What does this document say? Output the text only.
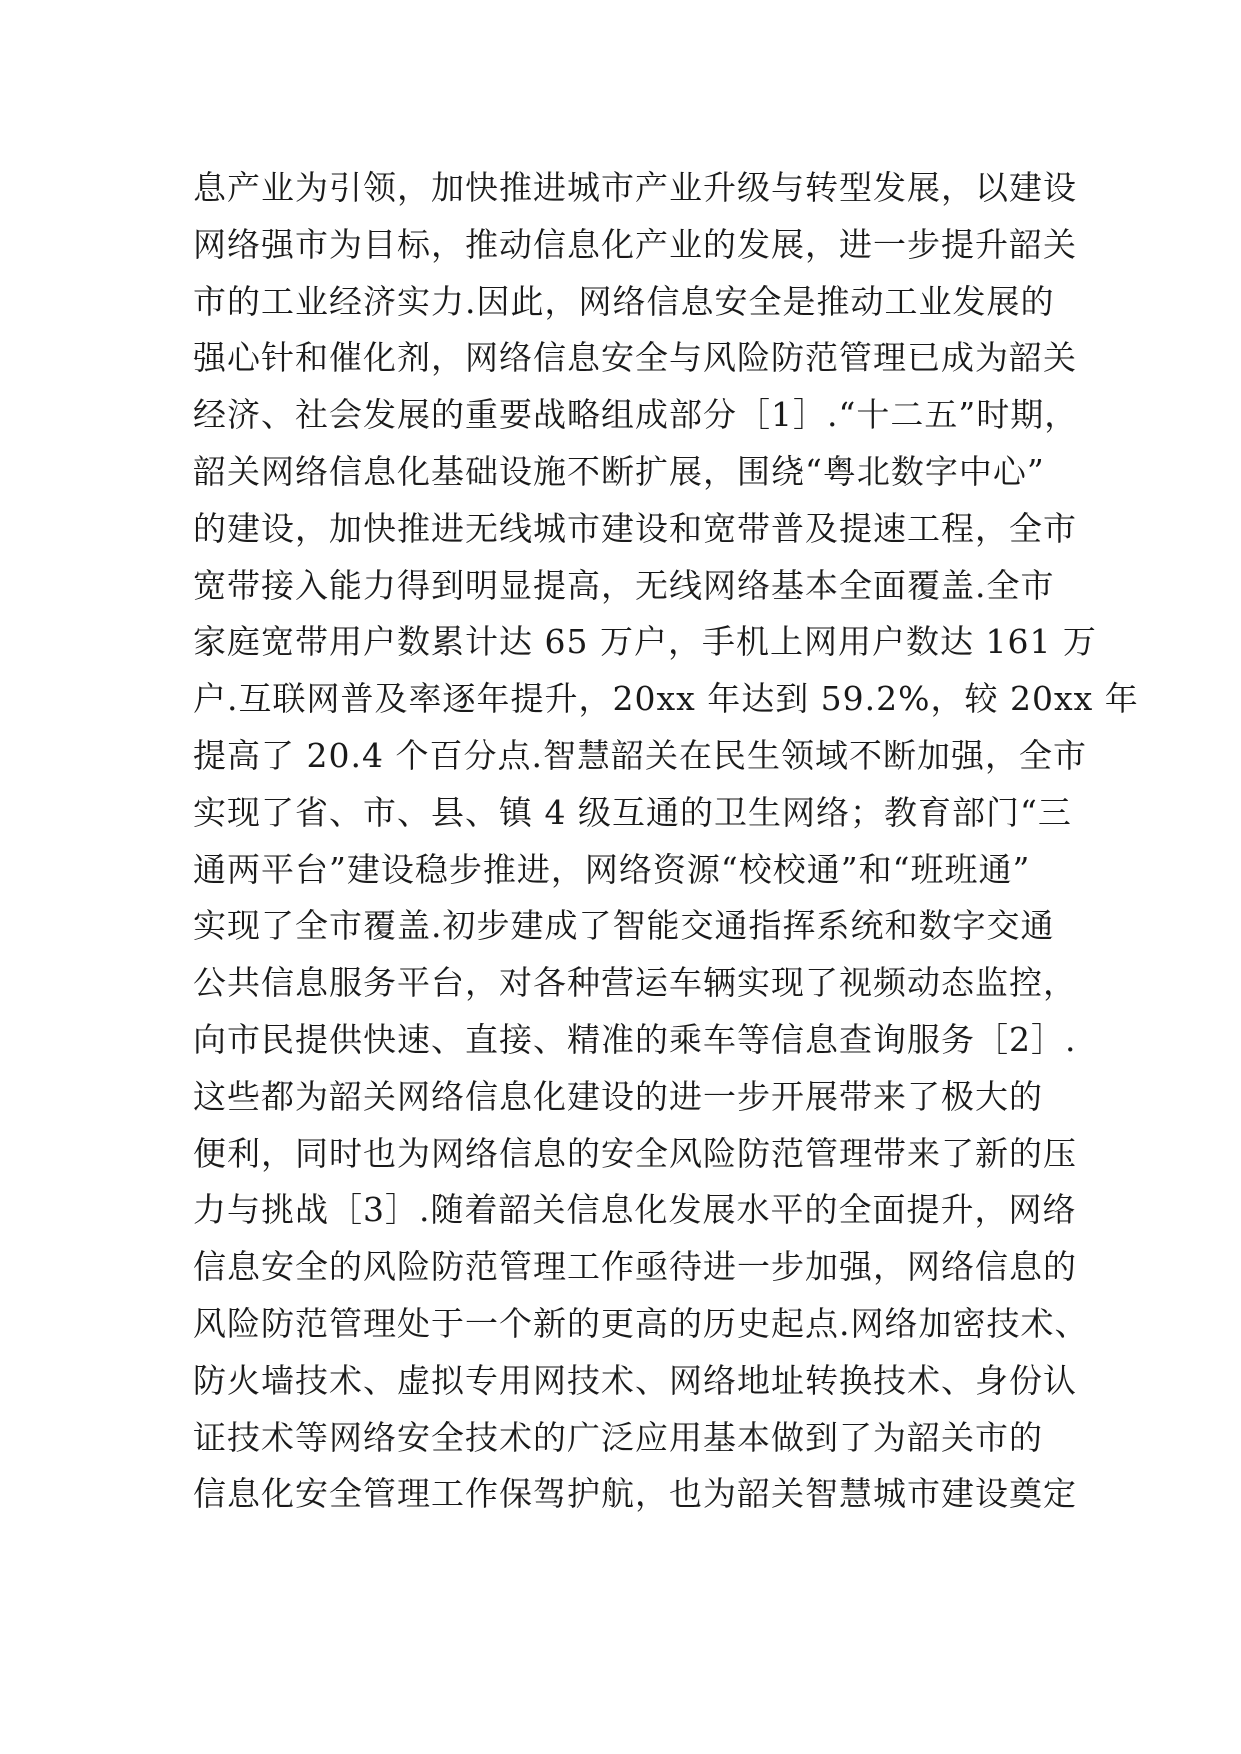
息产业为引领，加快推进城市产业升级与转型发展，以建设
网络强市为目标，推动信息化产业的发展，进一步提升韶关
市的工业经济实力.因此，网络信息安全是推动工业发展的
强心针和催化剂，网络信息安全与风险防范管理已成为韶关
经济、社会发展的重要战略组成部分［1］.“十二五”时期，
韶关网络信息化基础设施不断扩展，围绕“粤北数字中心”
的建设，加快推进无线城市建设和宽带普及提速工程，全市
宽带接入能力得到明显提高，无线网络基本全面覆盖.全市
家庭宽带用户数累计达 65 万户，手机上网用户数达 161 万
户.互联网普及率逐年提升，20xx 年达到 59.2%，较 20xx 年
提高了 20.4 个百分点.智慧韶关在民生领域不断加强，全市
实现了省、市、县、镇 4 级互通的卫生网络；教育部门“三
通两平台”建设稳步推进，网络资源“校校通”和“班班通”
实现了全市覆盖.初步建成了智能交通指挥系统和数字交通
公共信息服务平台，对各种营运车辆实现了视频动态监控，
向市民提供快速、直接、精准的乘车等信息查询服务［2］.
这些都为韶关网络信息化建设的进一步开展带来了极大的
便利，同时也为网络信息的安全风险防范管理带来了新的压
力与挑战［3］.随着韶关信息化发展水平的全面提升，网络
信息安全的风险防范管理工作亟待进一步加强，网络信息的
风险防范管理处于一个新的更高的历史起点.网络加密技术、
防火墙技术、虚拟专用网技术、网络地址转换技术、身份认
证技术等网络安全技术的广泛应用基本做到了为韶关市的
信息化安全管理工作保驾护航，也为韶关智慧城市建设奠定
